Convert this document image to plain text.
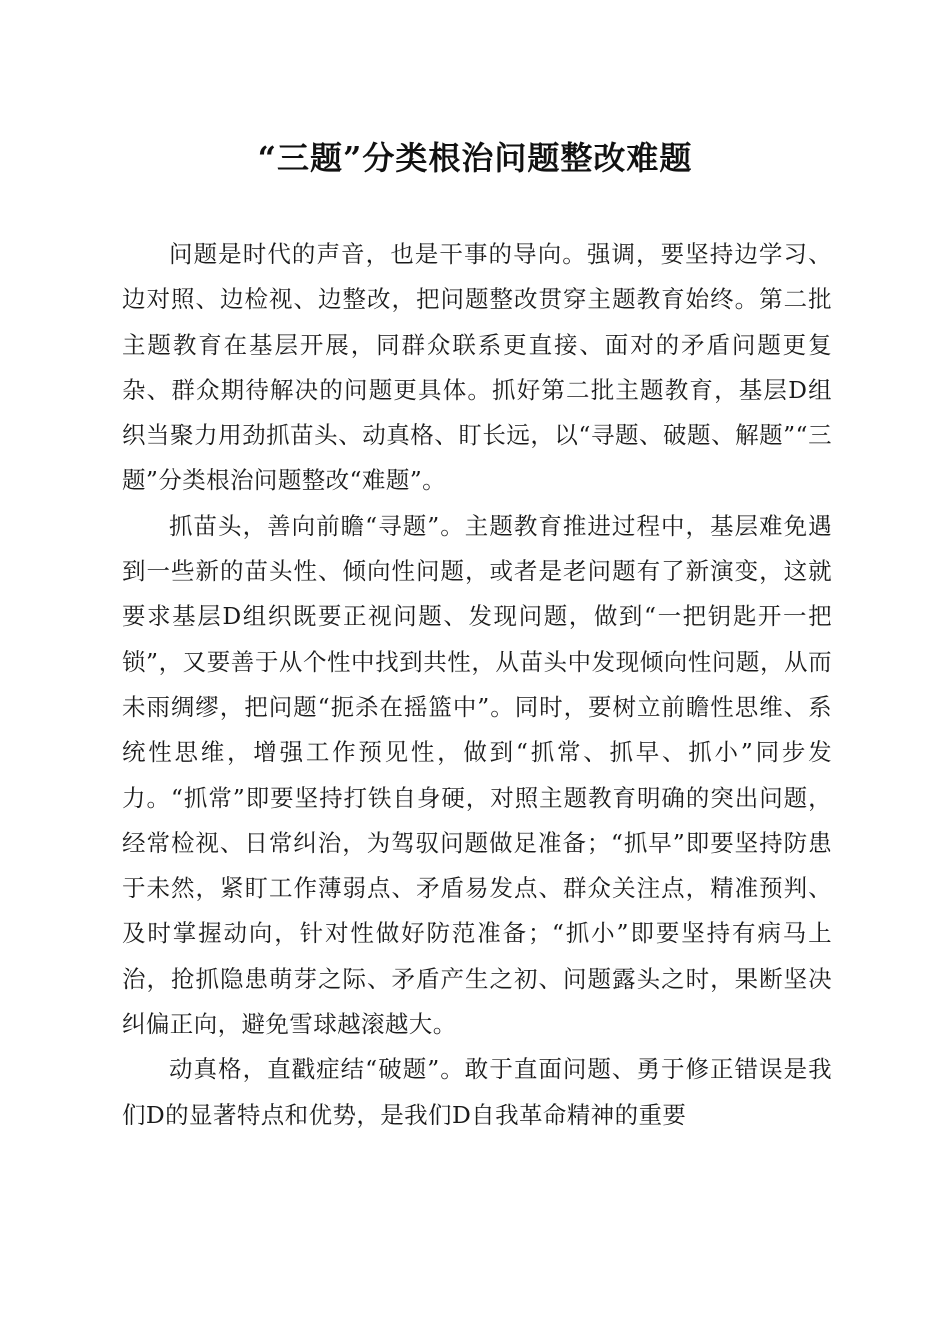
“三题”分类根治问题整改难题

问题是时代的声音，也是干事的导向。强调，要坚持边学习、边对照、边检视、边整改，把问题整改贯穿主题教育始终。第二批主题教育在基层开展，同群众联系更直接、面对的矛盾问题更复杂、群众期待解决的问题更具体。抓好第二批主题教育，基层D组织当聚力用劲抓苗头、动真格、盯长远，以“寻题、破题、解题”“三题”分类根治问题整改“难题”。

抓苗头，善向前瞻“寻题”。主题教育推进过程中，基层难免遇到一些新的苗头性、倾向性问题，或者是老问题有了新演变，这就要求基层D组织既要正视问题、发现问题，做到“一把钥匙开一把锁”，又要善于从个性中找到共性，从苗头中发现倾向性问题，从而未雨绸缪，把问题“扼杀在摇篮中”。同时，要树立前瞻性思维、系统性思维，增强工作预见性，做到“抓常、抓早、抓小”同步发力。“抓常”即要坚持打铁自身硬，对照主题教育明确的突出问题，经常检视、日常纠治，为驾驭问题做足准备；“抓早”即要坚持防患于未然，紧盯工作薄弱点、矛盾易发点、群众关注点，精准预判、及时掌握动向，针对性做好防范准备；“抓小”即要坚持有病马上治，抢抓隐患萌芽之际、矛盾产生之初、问题露头之时，果断坚决纠偏正向，避免雪球越滚越大。

动真格，直戳症结“破题”。敢于直面问题、勇于修正错误是我们D的显著特点和优势，是我们D自我革命精神的重要
